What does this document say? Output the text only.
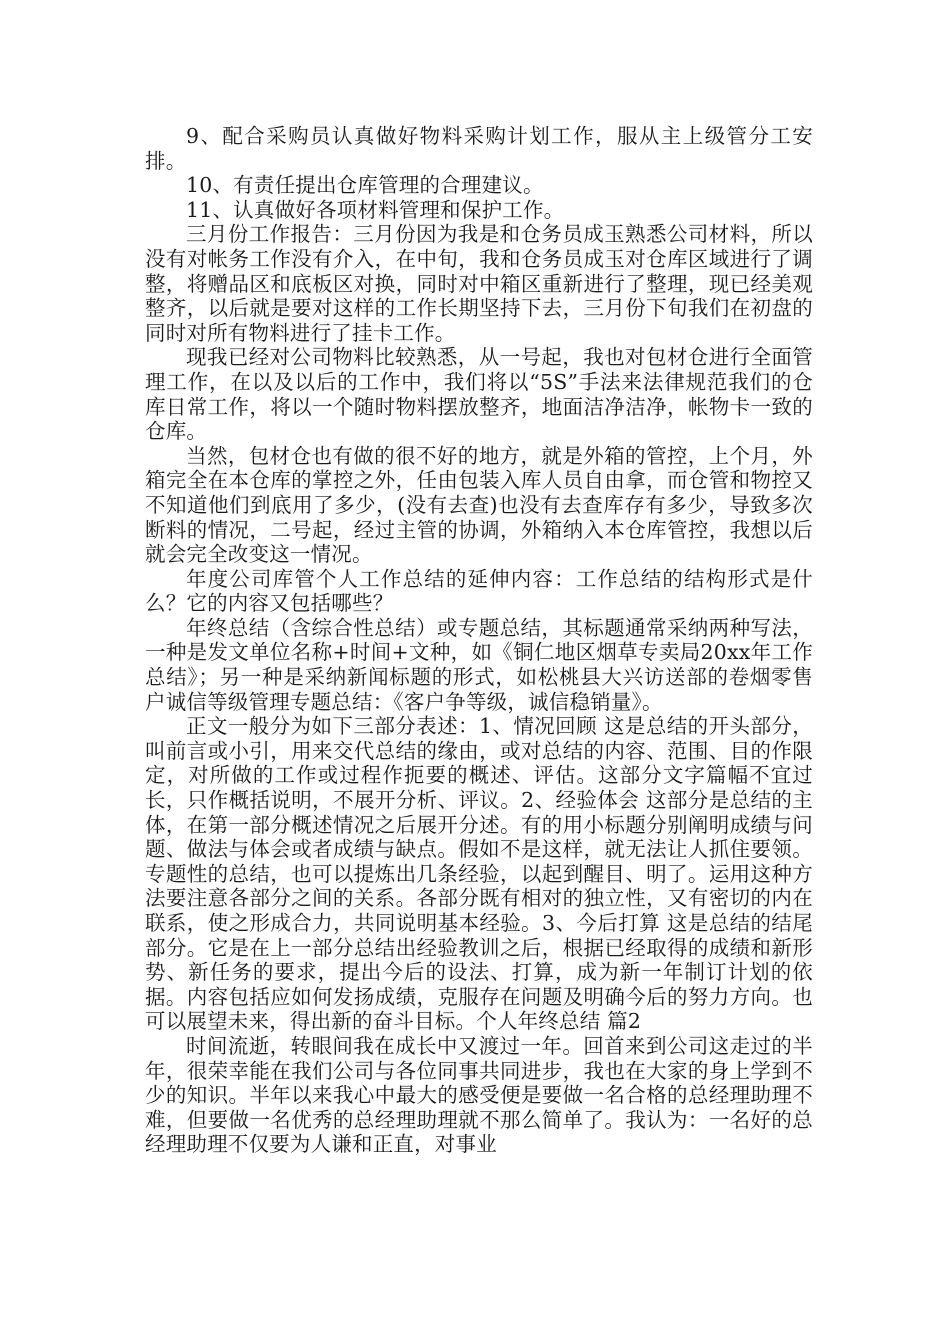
9、配合采购员认真做好物料采购计划工作，服从主上级管分工安排。

10、有责任提出仓库管理的合理建议。

11、认真做好各项材料管理和保护工作。

三月份工作报告：三月份因为我是和仓务员成玉熟悉公司材料，所以没有对帐务工作没有介入，在中旬，我和仓务员成玉对仓库区域进行了调整，将赠品区和底板区对换，同时对中箱区重新进行了整理，现已经美观整齐，以后就是要对这样的工作长期坚持下去，三月份下旬我们在初盘的同时对所有物料进行了挂卡工作。

现我已经对公司物料比较熟悉，从一号起，我也对包材仓进行全面管理工作，在以及以后的工作中，我们将以“5S”手法来法律规范我们的仓库日常工作，将以一个随时物料摆放整齐，地面洁净洁净，帐物卡一致的仓库。

当然，包材仓也有做的很不好的地方，就是外箱的管控，上个月，外箱完全在本仓库的掌控之外，任由包装入库人员自由拿，而仓管和物控又不知道他们到底用了多少，(没有去查)也没有去查库存有多少，导致多次断料的情况，二号起，经过主管的协调，外箱纳入本仓库管控，我想以后就会完全改变这一情况。

年度公司库管个人工作总结的延伸内容：工作总结的结构形式是什么？它的内容又包括哪些？

年终总结（含综合性总结）或专题总结，其标题通常采纳两种写法，一种是发文单位名称+时间+文种，如《铜仁地区烟草专卖局20xx年工作总结》；另一种是采纳新闻标题的形式，如松桃县大兴访送部的卷烟零售户诚信等级管理专题总结：《客户争等级，诚信稳销量》。

正文一般分为如下三部分表述：1、情况回顾 这是总结的开头部分，叫前言或小引，用来交代总结的缘由，或对总结的内容、范围、目的作限定，对所做的工作或过程作扼要的概述、评估。这部分文字篇幅不宜过长，只作概括说明，不展开分析、评议。2、经验体会 这部分是总结的主体，在第一部分概述情况之后展开分述。有的用小标题分别阐明成绩与问题、做法与体会或者成绩与缺点。假如不是这样，就无法让人抓住要领。专题性的总结，也可以提炼出几条经验，以起到醒目、明了。运用这种方法要注意各部分之间的关系。各部分既有相对的独立性，又有密切的内在联系，使之形成合力，共同说明基本经验。3、今后打算 这是总结的结尾部分。它是在上一部分总结出经验教训之后，根据已经取得的成绩和新形势、新任务的要求，提出今后的设法、打算，成为新一年制订计划的依据。内容包括应如何发扬成绩，克服存在问题及明确今后的努力方向。也可以展望未来，得出新的奋斗目标。个人年终总结 篇2

时间流逝，转眼间我在成长中又渡过一年。回首来到公司这走过的半年，很荣幸能在我们公司与各位同事共同进步，我也在大家的身上学到不少的知识。半年以来我心中最大的感受便是要做一名合格的总经理助理不难，但要做一名优秀的总经理助理就不那么简单了。我认为：一名好的总经理助理不仅要为人谦和正直，对事业
